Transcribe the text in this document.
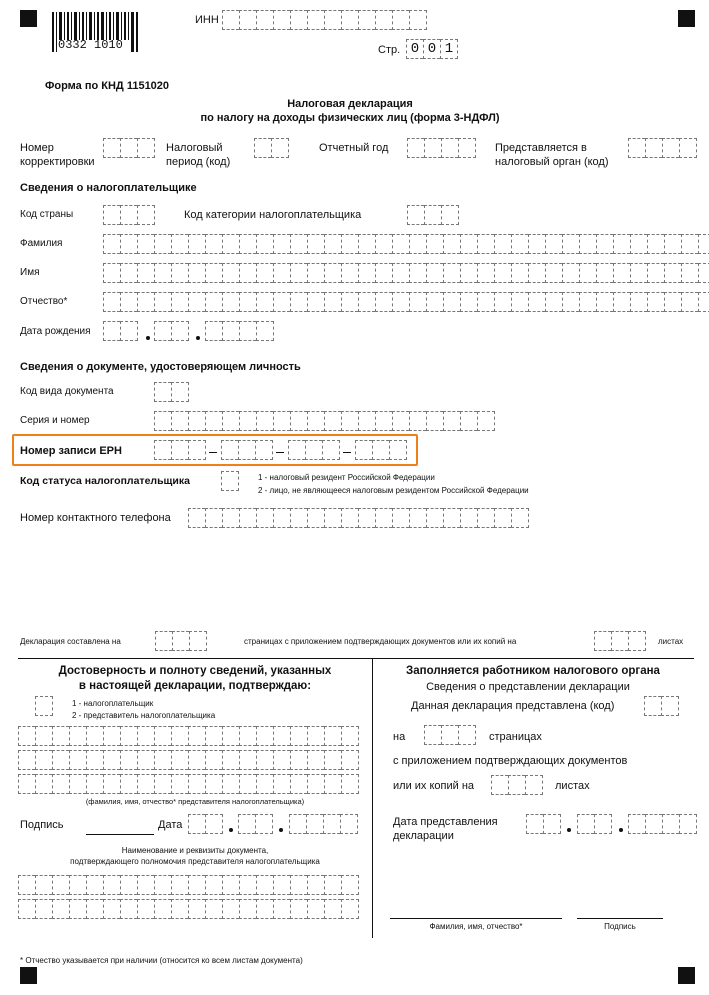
0332 1010
ИНН
Стр. 0 0 1
Форма по КНД 1151020
Налоговая декларация
по налогу на доходы физических лиц (форма 3-НДФЛ)
Номер
корректировки
Налоговый
период (код)
Отчетный год	Представляется в
налоговый орган (код)
Сведения о налогоплательщике
Код страны	Код категории налогоплательщика
Фамилия
Имя
Отчество*
Дата рождения
Сведения о документе, удостоверяющем личность
Код вида документа
Серия и номер
Номер записи ЕРН
Код статуса налогоплательщика	1 - налоговый резидент Российской Федерации
2 - лицо, не являющееся налоговым резидентом Российской Федерации
Номер контактного телефона
Декларация составлена на	страницах с приложением подтверждающих документов или их копий на	листах
Достоверность и полноту сведений, указанных
в настоящей декларации, подтверждаю:
1 - налогоплательщик
2 - представитель налогоплательщика
(фамилия, имя, отчество* представителя налогоплательщика)
Подпись	Дата
Наименование и реквизиты документа,
подтверждающего полномочия представителя налогоплательщика
Заполняется работником налогового органа
Сведения о представлении декларации
Данная декларация представлена (код)
на	страницах
с приложением подтверждающих документов
или их копий на	листах
Дата представления
декларации
Фамилия, имя, отчество*	Подпись
* Отчество указывается при наличии (относится ко всем листам документа)
